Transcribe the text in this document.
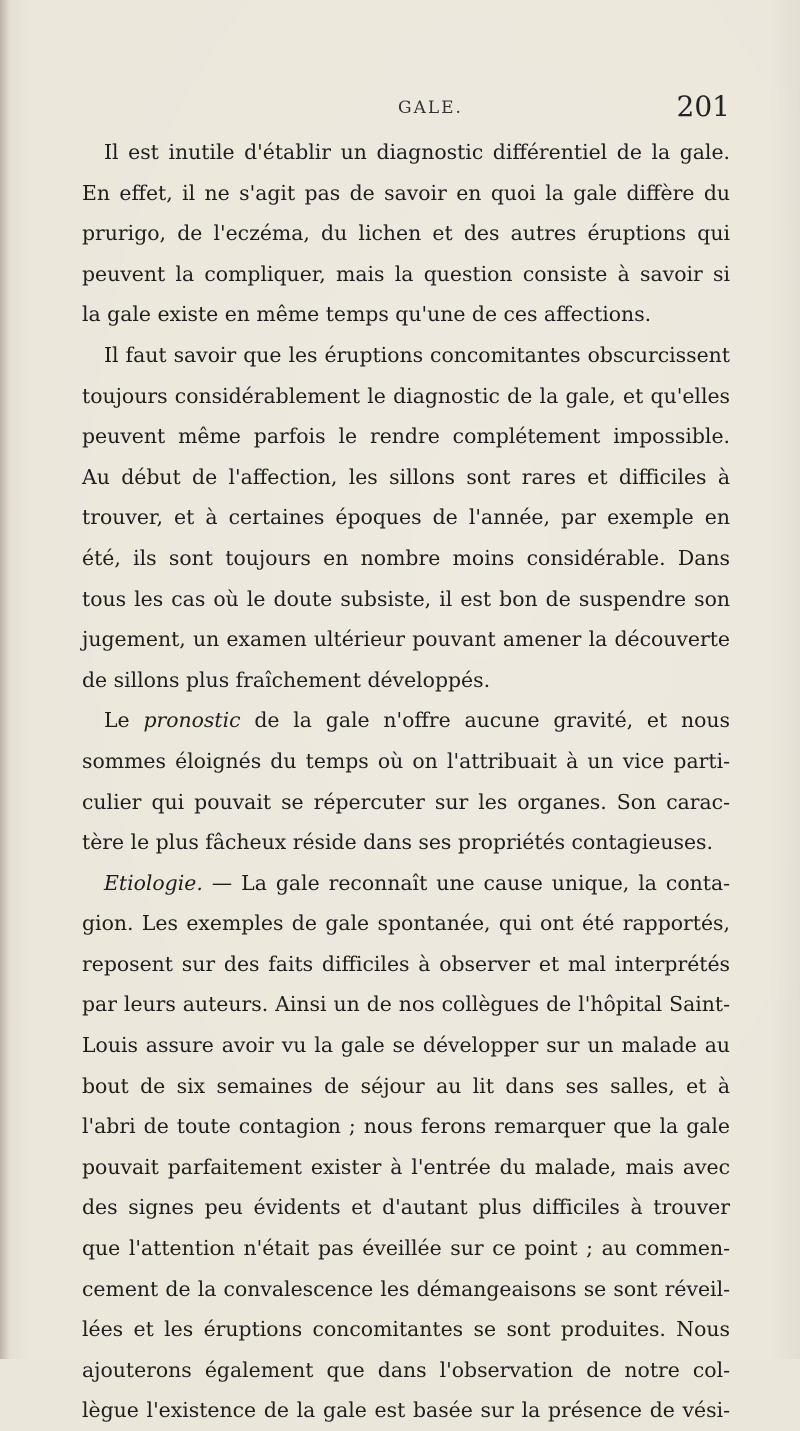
GALE.	201
Il est inutile d'établir un diagnostic différentiel de la gale.
En effet, il ne s'agit pas de savoir en quoi la gale diffère du
prurigo, de l'eczéma, du lichen et des autres éruptions qui
peuvent la compliquer, mais la question consiste à savoir si
la gale existe en même temps qu'une de ces affections.
Il faut savoir que les éruptions concomitantes obscurcissent
toujours considérablement le diagnostic de la gale, et qu'elles
peuvent même parfois le rendre complétement impossible.
Au début de l'affection, les sillons sont rares et difficiles à
trouver, et à certaines époques de l'année, par exemple en
été, ils sont toujours en nombre moins considérable. Dans
tous les cas où le doute subsiste, il est bon de suspendre son
jugement, un examen ultérieur pouvant amener la découverte
de sillons plus fraîchement développés.
Le pronostic de la gale n'offre aucune gravité, et nous
sommes éloignés du temps où on l'attribuait à un vice parti-
culier qui pouvait se répercuter sur les organes. Son carac-
tère le plus fâcheux réside dans ses propriétés contagieuses.
Etiologie. — La gale reconnaît une cause unique, la conta-
gion. Les exemples de gale spontanée, qui ont été rapportés,
reposent sur des faits difficiles à observer et mal interprétés
par leurs auteurs. Ainsi un de nos collègues de l'hôpital Saint-
Louis assure avoir vu la gale se développer sur un malade au
bout de six semaines de séjour au lit dans ses salles, et à
l'abri de toute contagion ; nous ferons remarquer que la gale
pouvait parfaitement exister à l'entrée du malade, mais avec
des signes peu évidents et d'autant plus difficiles à trouver
que l'attention n'était pas éveillée sur ce point ; au commen-
cement de la convalescence les démangeaisons se sont réveil-
lées et les éruptions concomitantes se sont produites. Nous
ajouterons également que dans l'observation de notre col-
lègue l'existence de la gale est basée sur la présence de vési-
